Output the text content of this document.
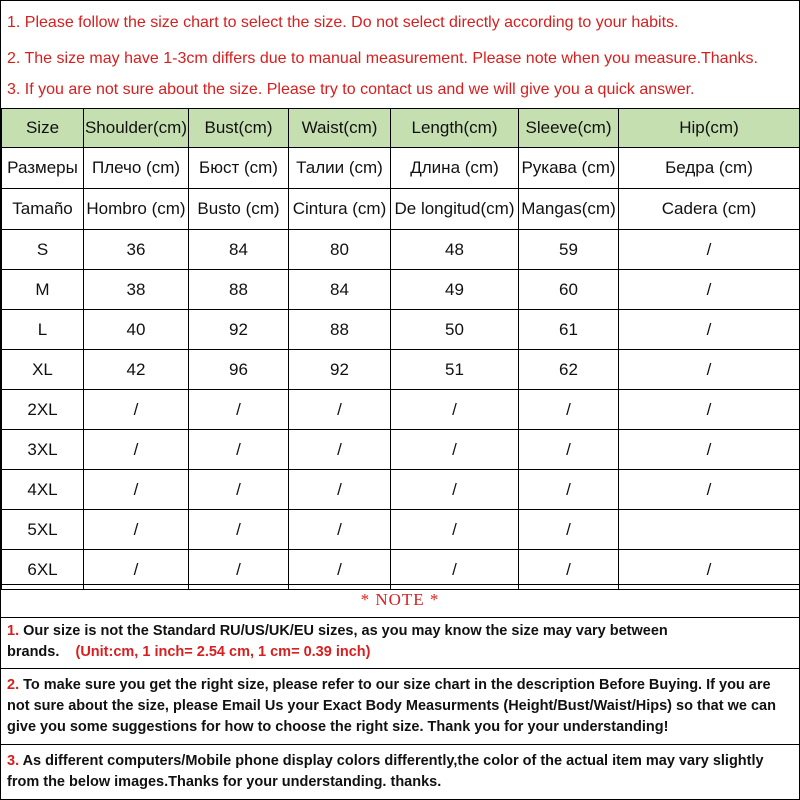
1. Please follow the size chart to select the size. Do not select directly according to your habits.
2. The size may have 1-3cm differs due to manual measurement. Please note when you measure.Thanks.
3. If you are not sure about the size. Please try to contact us and we will give you a quick answer.
Size	Shoulder(cm)	Bust(cm)	Waist(cm)	Length(cm)	Sleeve(cm)	Hip(cm)
Размеры	Плечо (cm)	Бюст (cm)	Талии (cm)	Длина (cm)	Рукава (cm)	Бедра (cm)
Tamaño	Hombro (cm)	Busto (cm)	Cintura (cm)	De longitud(cm)	Mangas(cm)	Cadera (cm)
S	36	84	80	48	59	/
M	38	88	84	49	60	/
L	40	92	88	50	61	/
XL	42	96	92	51	62	/
2XL	/	/	/	/	/	/
3XL	/	/	/	/	/	/
4XL	/	/	/	/	/	/
5XL	/	/	/	/	/	
6XL	/	/	/	/	/	/
* NOTE *
1. Our size is not the Standard RU/US/UK/EU sizes, as you may know the size may vary between brands. (Unit:cm, 1 inch= 2.54 cm, 1 cm= 0.39 inch)
2. To make sure you get the right size, please refer to our size chart in the description Before Buying. If you are not sure about the size, please Email Us your Exact Body Measurments (Height/Bust/Waist/Hips) so that we can give you some suggestions for how to choose the right size. Thank you for your understanding!
3. As different computers/Mobile phone display colors differently,the color of the actual item may vary slightly from the below images.Thanks for your understanding. thanks.
